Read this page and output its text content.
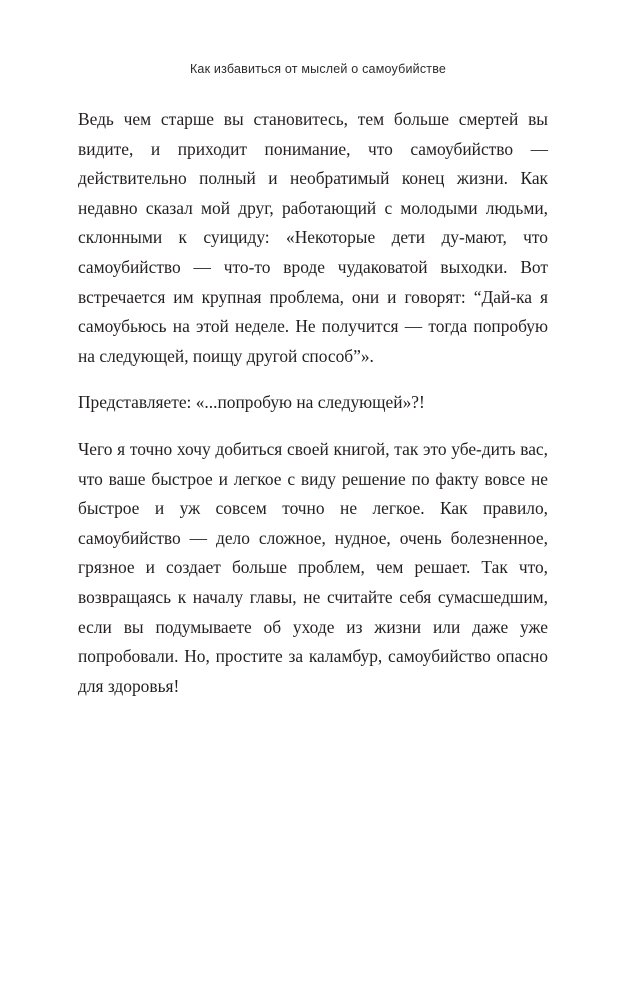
Как избавиться от мыслей о самоубийстве

Ведь чем старше вы становитесь, тем больше смертей вы видите, и приходит понимание, что самоубийство — действительно полный и необратимый конец жизни. Как недавно сказал мой друг, работающий с молодыми людьми, склонными к суициду: «Некоторые дети ду-мают, что самоубийство — что-то вроде чудаковатой выходки. Вот встречается им крупная проблема, они и говорят: “Дай-ка я самоубьюсь на этой неделе. Не получится — тогда попробую на следующей, поищу другой способ”».

Представляете: «...попробую на следующей»?!

Чего я точно хочу добиться своей книгой, так это убе-дить вас, что ваше быстрое и легкое с виду решение по факту вовсе не быстрое и уж совсем точно не легкое. Как правило, самоубийство — дело сложное, нудное, очень болезненное, грязное и создает больше проблем, чем решает. Так что, возвращаясь к началу главы, не считайте себя сумасшедшим, если вы подумываете об уходе из жизни или даже уже попробовали. Но, простите за каламбур, самоубийство опасно для здоровья!
